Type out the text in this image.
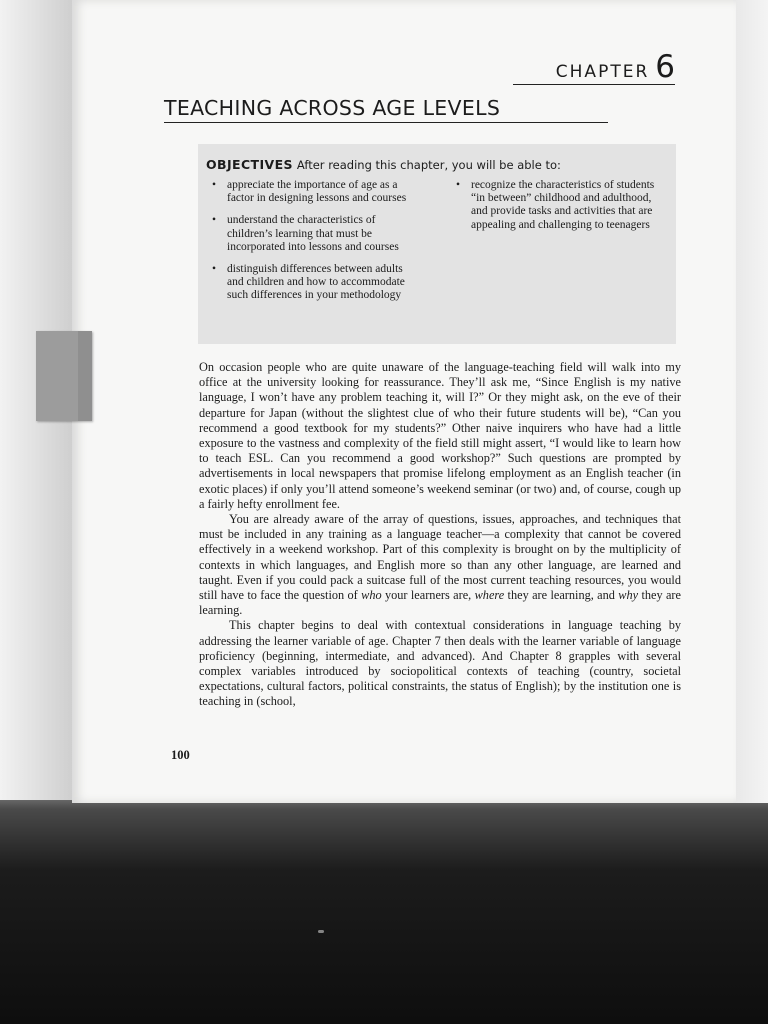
CHAPTER 6
TEACHING ACROSS AGE LEVELS
OBJECTIVES After reading this chapter, you will be able to:
• appreciate the importance of age as a factor in designing lessons and courses
• understand the characteristics of children’s learning that must be incorporated into lessons and courses
• distinguish differences between adults and children and how to accommodate such differences in your methodology
• recognize the characteristics of students “in between” childhood and adulthood, and provide tasks and activities that are appealing and challenging to teenagers

On occasion people who are quite unaware of the language-teaching field will walk into my office at the university looking for reassurance. They’ll ask me, “Since English is my native language, I won’t have any problem teaching it, will I?” Or they might ask, on the eve of their departure for Japan (without the slightest clue of who their future students will be), “Can you recommend a good textbook for my students?” Other naive inquirers who have had a little exposure to the vastness and complexity of the field still might assert, “I would like to learn how to teach ESL. Can you recommend a good workshop?” Such questions are prompted by advertisements in local newspapers that promise lifelong employment as an English teacher (in exotic places) if only you’ll attend someone’s weekend seminar (or two) and, of course, cough up a fairly hefty enrollment fee.

You are already aware of the array of questions, issues, approaches, and techniques that must be included in any training as a language teacher—a complexity that cannot be covered effectively in a weekend workshop. Part of this complexity is brought on by the multiplicity of contexts in which languages, and English more so than any other language, are learned and taught. Even if you could pack a suitcase full of the most current teaching resources, you would still have to face the question of who your learners are, where they are learning, and why they are learning.

This chapter begins to deal with contextual considerations in language teaching by addressing the learner variable of age. Chapter 7 then deals with the learner variable of language proficiency (beginning, intermediate, and advanced). And Chapter 8 grapples with several complex variables introduced by sociopolitical contexts of teaching (country, societal expectations, cultural factors, political constraints, the status of English); by the institution one is teaching in (school,

100
